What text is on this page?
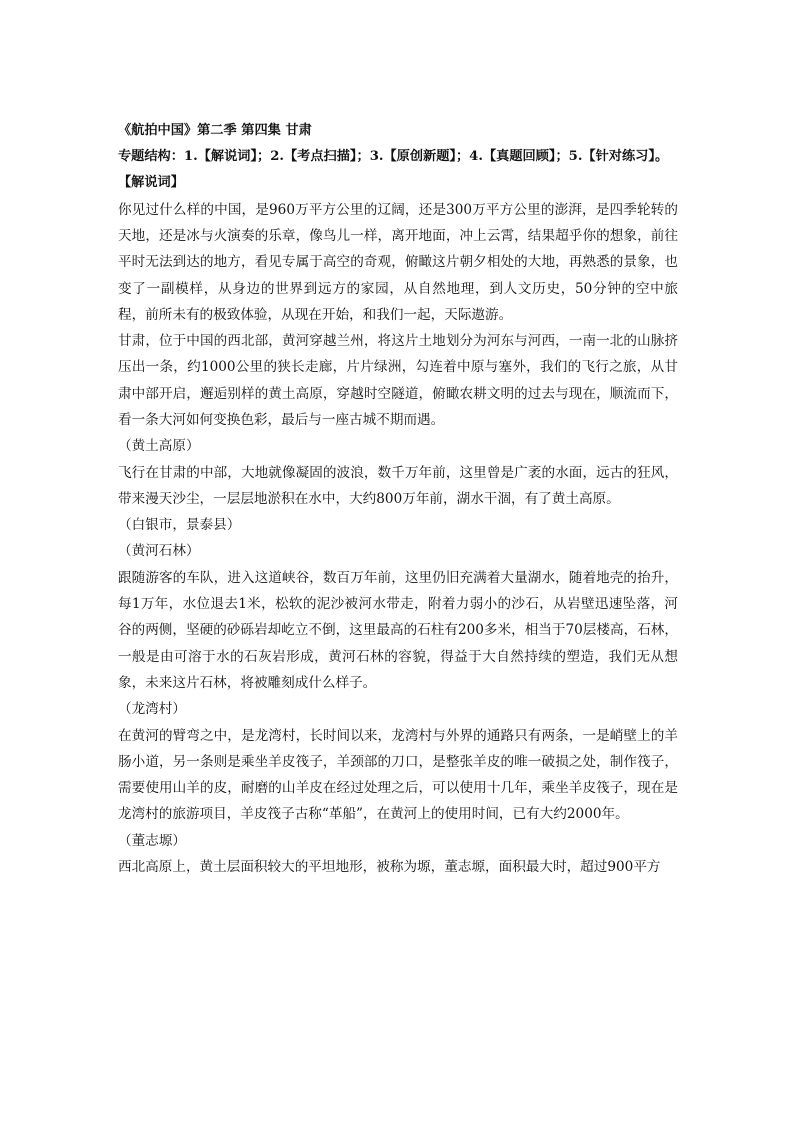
《航拍中国》第二季 第四集 甘肃
专题结构：1.【解说词】；2.【考点扫描】；3.【原创新题】；4.【真题回顾】；5.【针对练习】。
【解说词】

你见过什么样的中国，是960万平方公里的辽阔，还是300万平方公里的澎湃，是四季轮转的天地，还是冰与火演奏的乐章，像鸟儿一样，离开地面，冲上云霄，结果超乎你的想象，前往平时无法到达的地方，看见专属于高空的奇观，俯瞰这片朝夕相处的大地，再熟悉的景象，也变了一副模样，从身边的世界到远方的家园，从自然地理，到人文历史，50分钟的空中旅程，前所未有的极致体验，从现在开始，和我们一起，天际遨游。

甘肃，位于中国的西北部，黄河穿越兰州，将这片土地划分为河东与河西，一南一北的山脉挤压出一条，约1000公里的狭长走廊，片片绿洲，勾连着中原与塞外，我们的飞行之旅，从甘肃中部开启，邂逅别样的黄土高原，穿越时空隧道，俯瞰农耕文明的过去与现在，顺流而下，看一条大河如何变换色彩，最后与一座古城不期而遇。

（黄土高原）

飞行在甘肃的中部，大地就像凝固的波浪，数千万年前，这里曾是广袤的水面，远古的狂风，带来漫天沙尘，一层层地淤积在水中，大约800万年前，湖水干涸，有了黄土高原。

（白银市，景泰县）

（黄河石林）

跟随游客的车队，进入这道峡谷，数百万年前，这里仍旧充满着大量湖水，随着地壳的抬升，每1万年，水位退去1米，松软的泥沙被河水带走，附着力弱小的沙石，从岩壁迅速坠落，河谷的两侧，坚硬的砂砾岩却屹立不倒，这里最高的石柱有200多米，相当于70层楼高，石林，一般是由可溶于水的石灰岩形成，黄河石林的容貌，得益于大自然持续的塑造，我们无从想象，未来这片石林，将被雕刻成什么样子。

（龙湾村）

在黄河的臂弯之中，是龙湾村，长时间以来，龙湾村与外界的通路只有两条，一是峭壁上的羊肠小道，另一条则是乘坐羊皮筏子，羊颈部的刀口，是整张羊皮的唯一破损之处，制作筏子，需要使用山羊的皮，耐磨的山羊皮在经过处理之后，可以使用十几年，乘坐羊皮筏子，现在是龙湾村的旅游项目，羊皮筏子古称“革船”，在黄河上的使用时间，已有大约2000年。

（董志塬）

西北高原上，黄土层面积较大的平坦地形，被称为塬，董志塬，面积最大时，超过900平方
